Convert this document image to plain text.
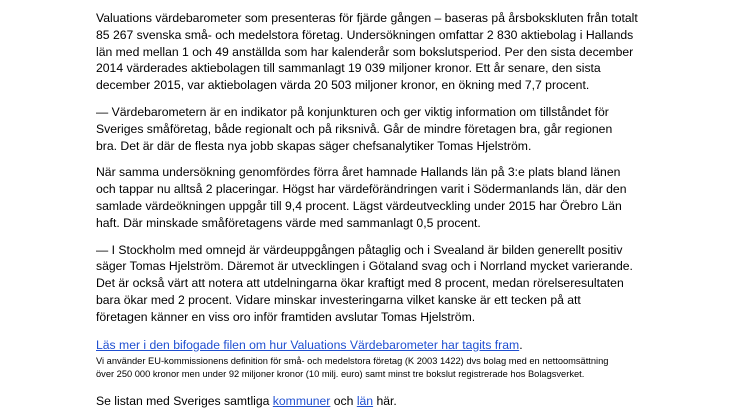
Valuations värdebarometer som presenteras för fjärde gången – baseras på årsbokskluten från totalt
85 267 svenska små- och medelstora företag. Undersökningen omfattar 2 830 aktiebolag i Hallands
län med mellan 1 och 49 anställda som har kalenderår som bokslutsperiod. Per den sista december
2014 värderades aktiebolagen till sammanlagt 19 039 miljoner kronor. Ett år senare, den sista
december 2015, var aktiebolagen värda 20 503 miljoner kronor, en ökning med 7,7 procent.

— Värdebarometern är en indikator på konjunkturen och ger viktig information om tillståndet för
Sveriges småföretag, både regionalt och på riksnivå. Går de mindre företagen bra, går regionen
bra. Det är där de flesta nya jobb skapas säger chefsanalytiker Tomas Hjelström.

När samma undersökning genomfördes förra året hamnade Hallands län på 3:e plats bland länen
och tappar nu alltså 2 placeringar. Högst har värdeförändringen varit i Södermanlands län, där den
samlade värdeökningen uppgår till 9,4 procent. Lägst värdeutveckling under 2015 har Örebro Län
haft. Där minskade småföretagens värde med sammanlagt 0,5 procent.

— I Stockholm med omnejd är värdeuppgången påtaglig och i Svealand är bilden generellt positiv
säger Tomas Hjelström. Däremot är utvecklingen i Götaland svag och i Norrland mycket varierande.
Det är också värt att notera att utdelningarna ökar kraftigt med 8 procent, medan rörelseresultaten
bara ökar med 2 procent. Vidare minskar investeringarna vilket kanske är ett tecken på att
företagen känner en viss oro inför framtiden avslutar Tomas Hjelström.

Läs mer i den bifogade filen om hur Valuations Värdebarometer har tagits fram.

Vi använder EU-kommissionens definition för små- och medelstora företag (K 2003 1422) dvs bolag med en nettoomsättning
över 250 000 kronor men under 92 miljoner kronor (10 milj. euro) samt minst tre bokslut registrerade hos Bolagsverket.

Se listan med Sveriges samtliga kommuner och län här.
